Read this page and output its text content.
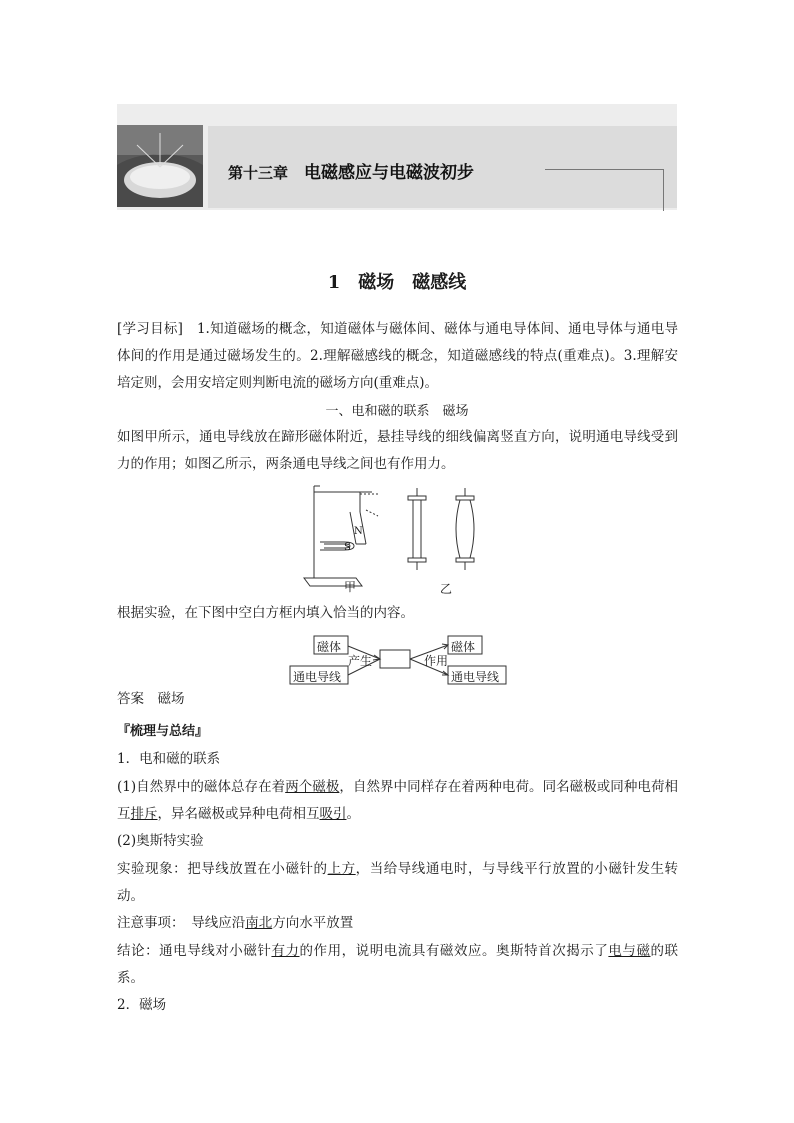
第十三章 电磁感应与电磁波初步
1 磁场　磁感线
[学习目标]　 1.知道磁场的概念，知道磁体与磁体间、磁体与通电导体间、通电导体与通电导体间的作用是通过磁场发生的。2.理解磁感线的概念，知道磁感线的特点(重难点)。3.理解安培定则，会用安培定则判断电流的磁场方向(重难点)。
一、电和磁的联系　磁场
如图甲所示，通电导线放在蹄形磁体附近，悬挂导线的细线偏离竖直方向，说明通电导线受到力的作用；如图乙所示，两条通电导线之间也有作用力。
N
S
甲	乙
根据实验，在下图中空白方框内填入恰当的内容。
磁体
通电导线
产生	作用
磁体
通电导线
答案　 磁场
『梳理与总结』
1．电和磁的联系
(1)自然界中的磁体总存在着两个磁极，自然界中同样存在着两种电荷。同名磁极或同种电荷相互排斥，异名磁极或异种电荷相互吸引。
(2)奥斯特实验
实验现象：把导线放置在小磁针的上方，当给导线通电时，与导线平行放置的小磁针发生转动。
注意事项：　导线应沿南北方向水平放置
结论：通电导线对小磁针有力的作用，说明电流具有磁效应。奥斯特首次揭示了电与磁的联系。
2．磁场
